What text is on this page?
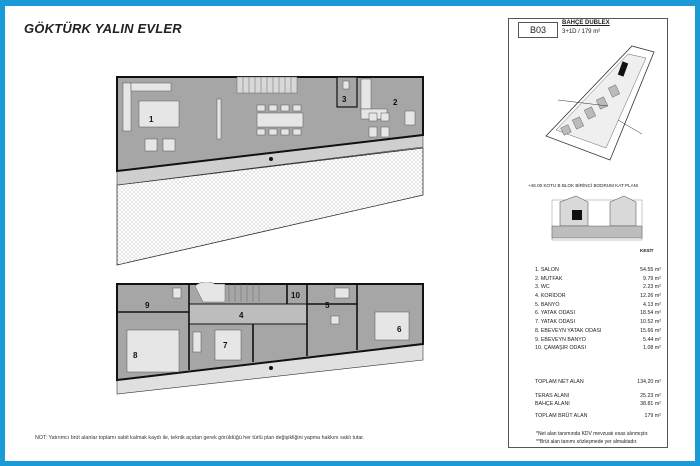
GÖKTÜRK YALIN EVLER
1
2
3
9
10
4
5
6
7
8
B03
BAHÇE DUBLEX
3+1D / 179 m²
+46.00 KOTU B BLOK BİRİNCİ BODRUM KAT PLANI
KESİT
1. SALON	54.55 m²
2. MUTFAK	9.79 m²
3. WC	2.23 m²
4. KORİDOR	12.26 m²
5. BANYO	4.13 m²
6. YATAK ODASI	18.54 m²
7. YATAK ODASI	10.52 m²
8. EBEVEYN YATAK ODASI	15.66 m²
9. EBEVEYN BANYO	5.44 m²
10. ÇAMAŞIR ODASI	1.08 m²
TOPLAM NET ALAN	134,20 m²
TERAS ALANI	25.23 m²
BAHÇE ALANI	38.81 m²
TOPLAM BRÜT ALAN	179 m²
*Net alan tanımında KDV mevzuatı esas alınmıştır.
**Brüt alan tanımı sözleşmede yer almaktadır.
NOT: Yatırımcı brüt alanlar toplamı sabit kalmak kaydı ile, teknik açıdan gerek görüldüğü her türlü plan değişikliğini yapma hakkını saklı tutar.
